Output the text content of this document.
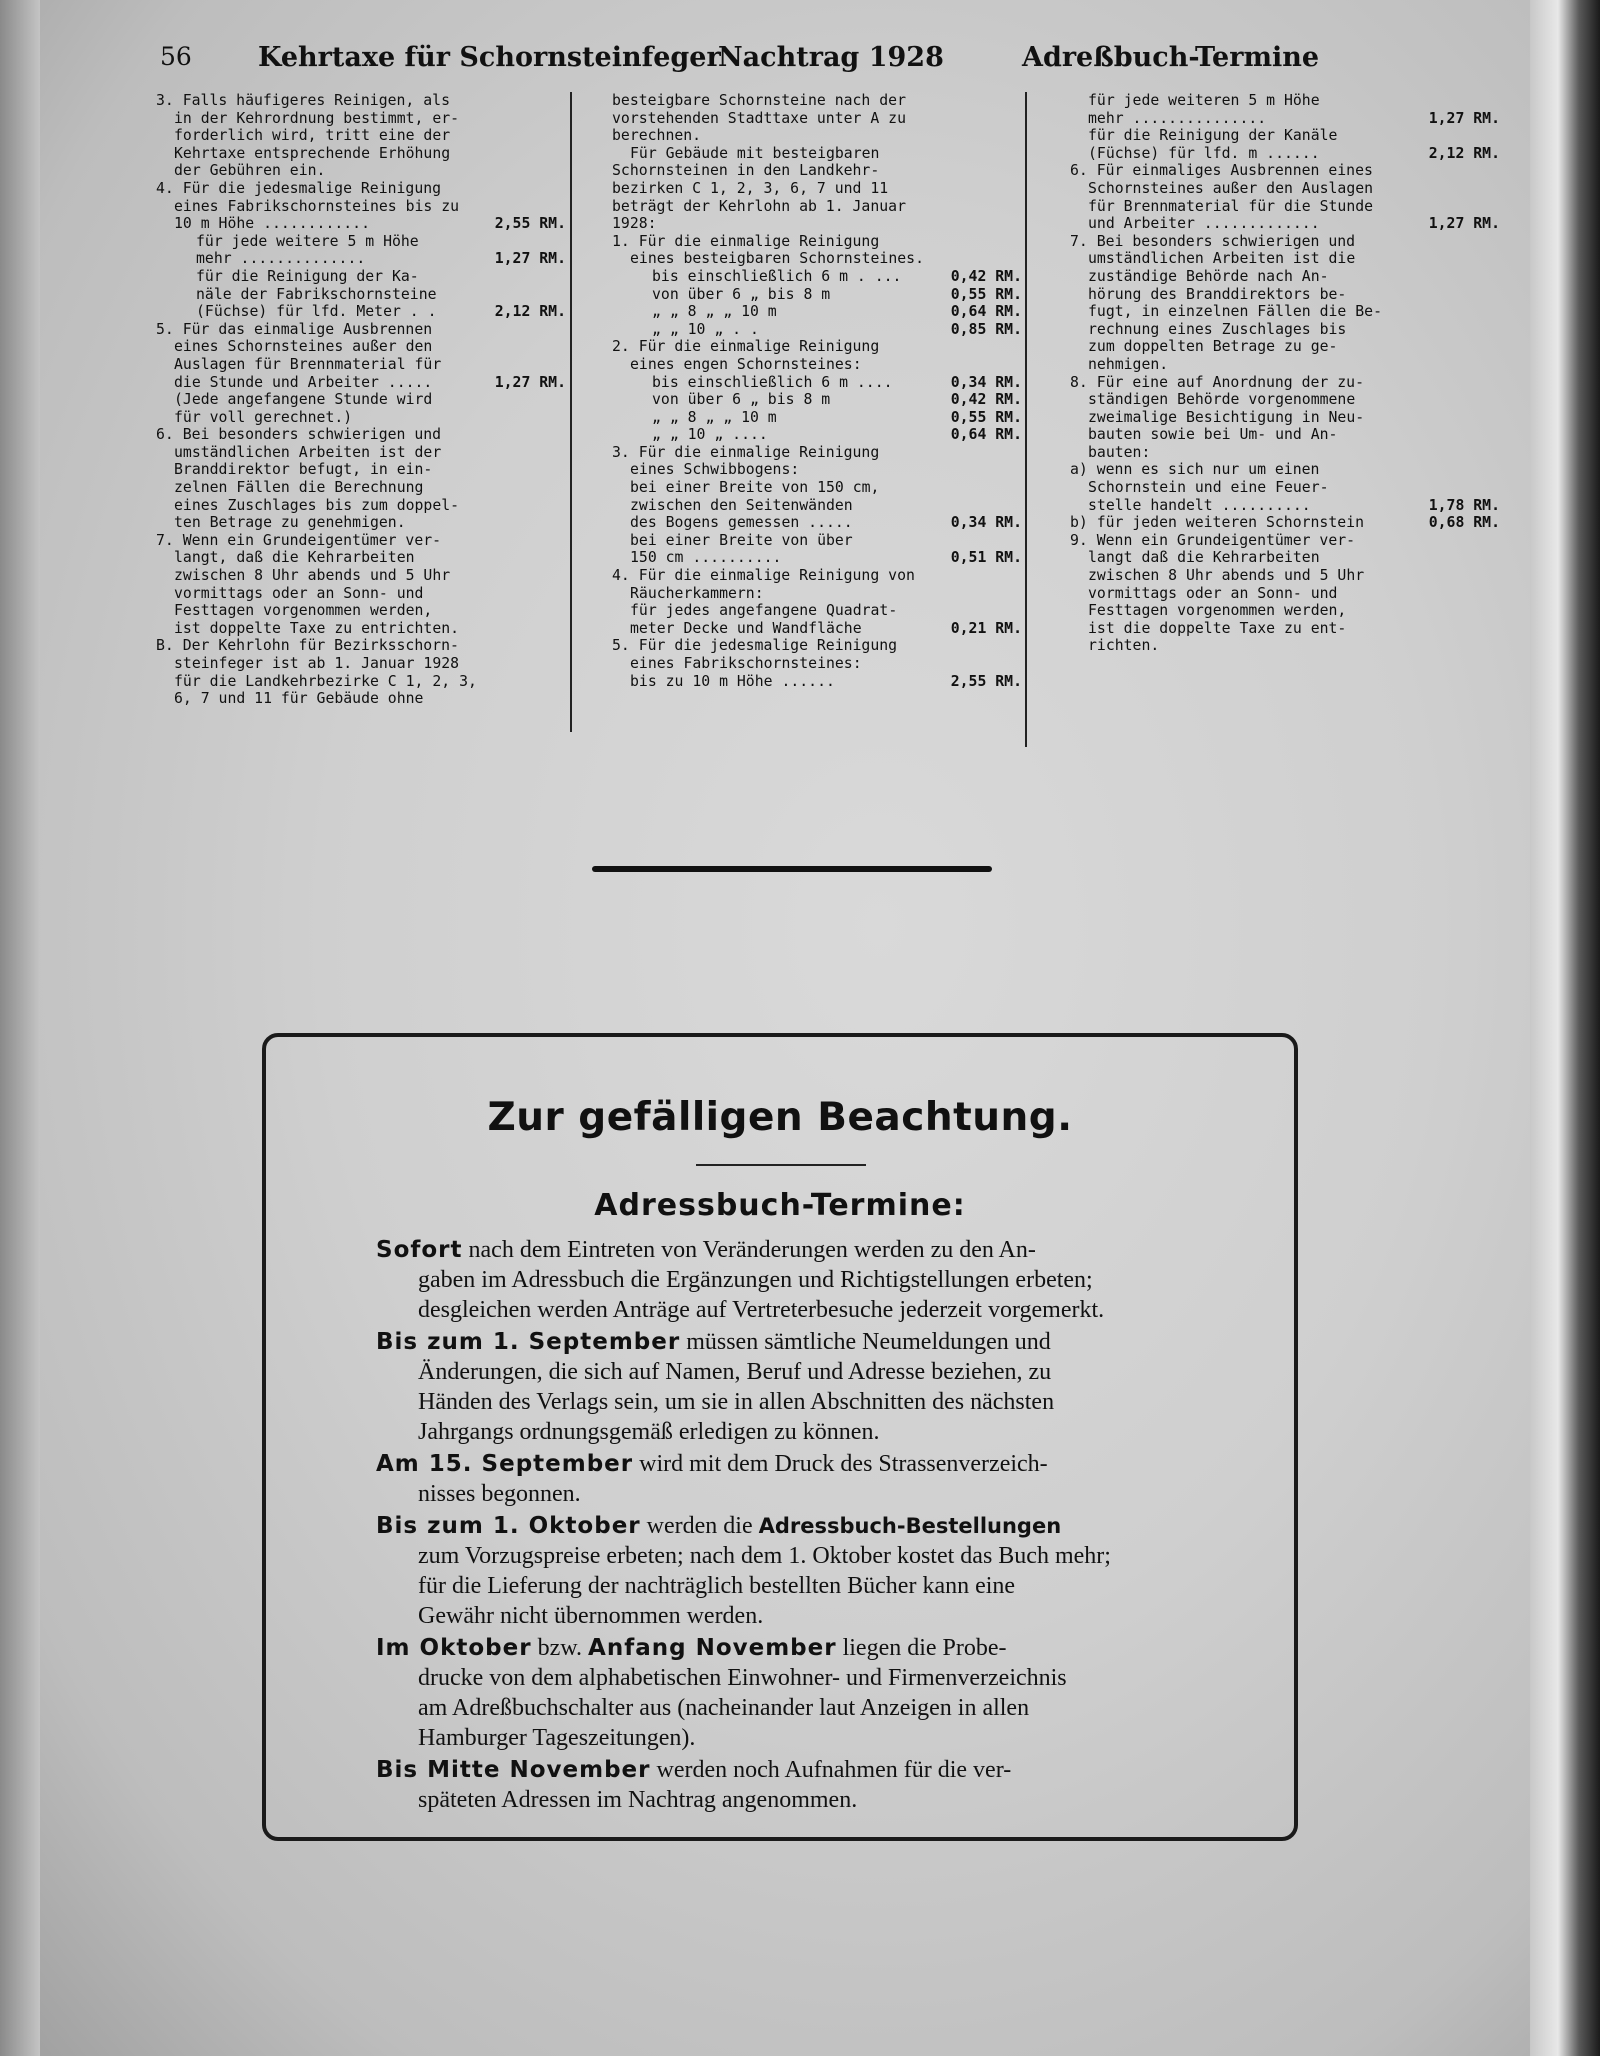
56 Kehrtaxe für Schornsteinfeger
Nachtrag 1928	Adreßbuch-Termine
3. Falls häufigeres Reinigen, als
in der Kehrordnung bestimmt, er-
forderlich wird, tritt eine der
Kehrtaxe entsprechende Erhöhung
der Gebühren ein.
4. Für die jedesmalige Reinigung
eines Fabrikschornsteines bis zu
10 m Höhe ............	2,55 RM.
für jede weitere 5 m Höhe
mehr ..............	1,27 RM.
für die Reinigung der Ka-
näle der Fabrikschornsteine
(Füchse) für lfd. Meter . .	2,12 RM.
5. Für das einmalige Ausbrennen
eines Schornsteines außer den
Auslagen für Brennmaterial für
die Stunde und Arbeiter .....	1,27 RM.
(Jede angefangene Stunde wird
für voll gerechnet.)
6. Bei besonders schwierigen und
umständlichen Arbeiten ist der
Branddirektor befugt, in ein-
zelnen Fällen die Berechnung
eines Zuschlages bis zum doppel-
ten Betrage zu genehmigen.
7. Wenn ein Grundeigentümer ver-
langt, daß die Kehrarbeiten
zwischen 8 Uhr abends und 5 Uhr
vormittags oder an Sonn- und
Festtagen vorgenommen werden,
ist doppelte Taxe zu entrichten.
B. Der Kehrlohn für Bezirksschorn-
steinfeger ist ab 1. Januar 1928
für die Landkehrbezirke C 1, 2, 3,
6, 7 und 11 für Gebäude ohne
besteigbare Schornsteine nach der
vorstehenden Stadttaxe unter A zu
berechnen.
Für Gebäude mit besteigbaren
Schornsteinen in den Landkehr-
bezirken C 1, 2, 3, 6, 7 und 11
beträgt der Kehrlohn ab 1. Januar
1928:
1. Für die einmalige Reinigung
eines besteigbaren Schornsteines.
bis einschließlich 6 m . ...	0,42 RM.
von über 6 „ bis 8 m	0,55 RM.
„ „ 8 „ „ 10 m	0,64 RM.
„ „ 10 „ . .	0,85 RM.
2. Für die einmalige Reinigung
eines engen Schornsteines:
bis einschließlich 6 m ....	0,34 RM.
von über 6 „ bis 8 m	0,42 RM.
„ „ 8 „ „ 10 m	0,55 RM.
„ „ 10 „ ....	0,64 RM.
3. Für die einmalige Reinigung
eines Schwibbogens:
bei einer Breite von 150 cm,
zwischen den Seitenwänden
des Bogens gemessen .....	0,34 RM.
bei einer Breite von über
150 cm ..........	0,51 RM.
4. Für die einmalige Reinigung von
Räucherkammern:
für jedes angefangene Quadrat-
meter Decke und Wandfläche	0,21 RM.
5. Für die jedesmalige Reinigung
eines Fabrikschornsteines:
bis zu 10 m Höhe ......	2,55 RM.
für jede weiteren 5 m Höhe
mehr ...............	1,27 RM.
für die Reinigung der Kanäle
(Füchse) für lfd. m ......	2,12 RM.
6. Für einmaliges Ausbrennen eines
Schornsteines außer den Auslagen
für Brennmaterial für die Stunde
und Arbeiter .............	1,27 RM.
7. Bei besonders schwierigen und
umständlichen Arbeiten ist die
zuständige Behörde nach An-
hörung des Branddirektors be-
fugt, in einzelnen Fällen die Be-
rechnung eines Zuschlages bis
zum doppelten Betrage zu ge-
nehmigen.
8. Für eine auf Anordnung der zu-
ständigen Behörde vorgenommene
zweimalige Besichtigung in Neu-
bauten sowie bei Um- und An-
bauten:
a) wenn es sich nur um einen
Schornstein und eine Feuer-
stelle handelt ..........	1,78 RM.
b) für jeden weiteren Schornstein	0,68 RM.
9. Wenn ein Grundeigentümer ver-
langt daß die Kehrarbeiten
zwischen 8 Uhr abends und 5 Uhr
vormittags oder an Sonn- und
Festtagen vorgenommen werden,
ist die doppelte Taxe zu ent-
richten.
Zur gefälligen Beachtung.
Adressbuch-Termine:
Sofort nach dem Eintreten von Veränderungen werden zu den An-
gaben im Adressbuch die Ergänzungen und Richtigstellungen erbeten;
desgleichen werden Anträge auf Vertreterbesuche jederzeit vorgemerkt.
Bis zum 1. September müssen sämtliche Neumeldungen und
Änderungen, die sich auf Namen, Beruf und Adresse beziehen, zu
Händen des Verlags sein, um sie in allen Abschnitten des nächsten
Jahrgangs ordnungsgemäß erledigen zu können.
Am 15. September wird mit dem Druck des Strassenverzeich-
nisses begonnen.
Bis zum 1. Oktober werden die Adressbuch-Bestellungen
zum Vorzugspreise erbeten; nach dem 1. Oktober kostet das Buch mehr;
für die Lieferung der nachträglich bestellten Bücher kann eine
Gewähr nicht übernommen werden.
Im Oktober bzw. Anfang November liegen die Probe-
drucke von dem alphabetischen Einwohner- und Firmenverzeichnis
am Adreßbuchschalter aus (nacheinander laut Anzeigen in allen
Hamburger Tageszeitungen).
Bis Mitte November werden noch Aufnahmen für die ver-
späteten Adressen im Nachtrag angenommen.
